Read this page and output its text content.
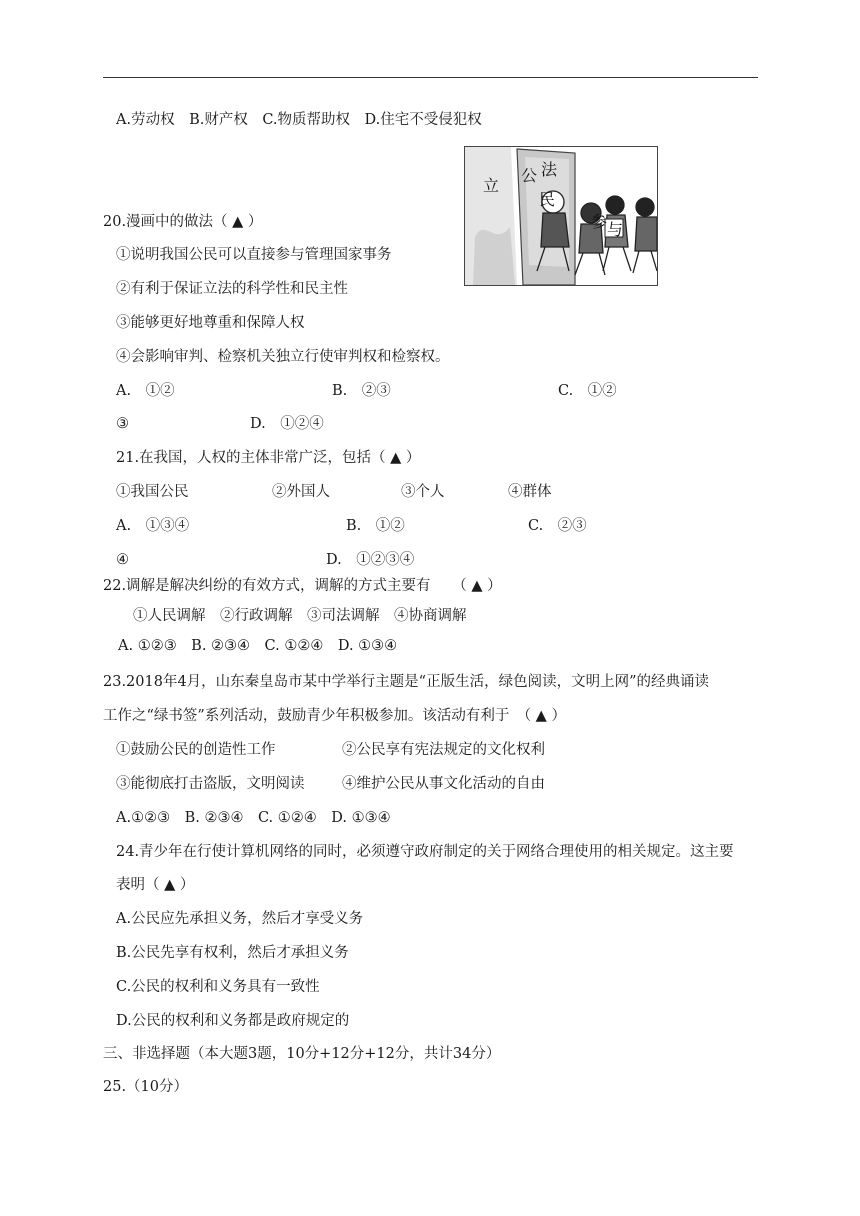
A.劳动权　B.财产权　C.物质帮助权　D.住宅不受侵犯权
立
公 法
民
参 与
20.漫画中的做法（ ▲ ）
①说明我国公民可以直接参与管理国家事务
②有利于保证立法的科学性和民主性
③能够更好地尊重和保障人权
④会影响审判、检察机关独立行使审判权和检察权。
A.　①②	B.　②③	C.　①②
③	D.　①②④
21.在我国，人权的主体非常广泛，包括（ ▲ ）
①我国公民	②外国人	③个人	④群体
A.　①③④	B.　①②	C.　②③
④	D.　①②③④
22.调解是解决纠纷的有效方式，调解的方式主要有　　（ ▲ ）
①人民调解　②行政调解　③司法调解　④协商调解
A. ①②③　B. ②③④　C. ①②④　D. ①③④
23.2018年4月，山东秦皇岛市某中学举行主题是“正版生活，绿色阅读，文明上网”的经典诵读
工作之“绿书签”系列活动，鼓励青少年积极参加。该活动有利于　（ ▲ ）
①鼓励公民的创造性工作	②公民享有宪法规定的文化权利
③能彻底打击盗版，文明阅读	④维护公民从事文化活动的自由
A.①②③　B. ②③④　C. ①②④　D. ①③④
24.青少年在行使计算机网络的同时，必须遵守政府制定的关于网络合理使用的相关规定。这主要
表明（ ▲ ）
A.公民应先承担义务，然后才享受义务
B.公民先享有权利，然后才承担义务
C.公民的权利和义务具有一致性
D.公民的权利和义务都是政府规定的
三、非选择题（本大题3题，10分+12分+12分，共计34分）
25.（10分）
